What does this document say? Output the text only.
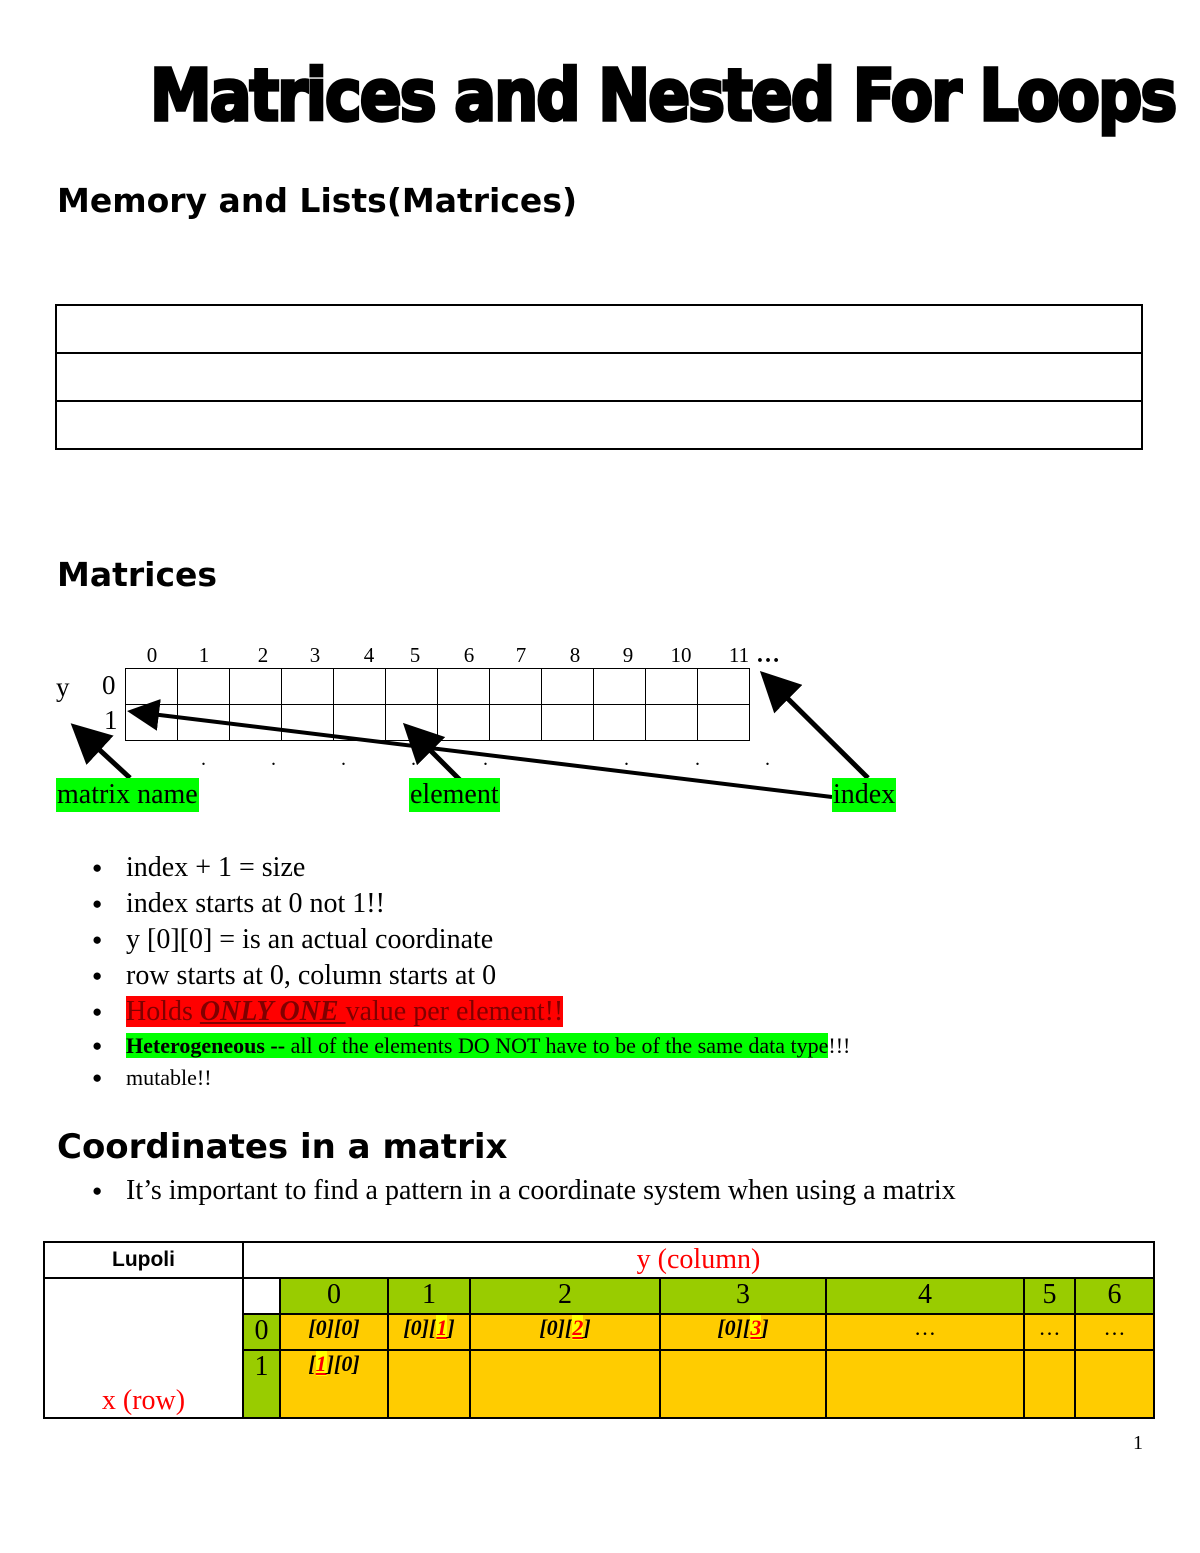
Matrices and Nested For Loops
Memory and Lists(Matrices)
Matrices
0	1	2	3	4	5	6	7	8	9	10	11 …
y 0
1

.	.	.	.	.	.	.	.	.
matrix name	element	index
● index + 1 = size
● index starts at 0 not 1!!
● y [0][0] = is an actual coordinate
● row starts at 0, column starts at 0
● Holds ONLY ONE value per element!!
● Heterogeneous -- all of the elements DO NOT have to be of the same data type!!!
● mutable!!
Coordinates in a matrix
● It’s important to find a pattern in a coordinate system when using a matrix
Lupoli	y (column)							
x (row)		0	1	2	3	4	5	6
	0	[0][0]	[0][1]	[0][2]	[0][3]	…	…	…
	1	[1][0]						
1
